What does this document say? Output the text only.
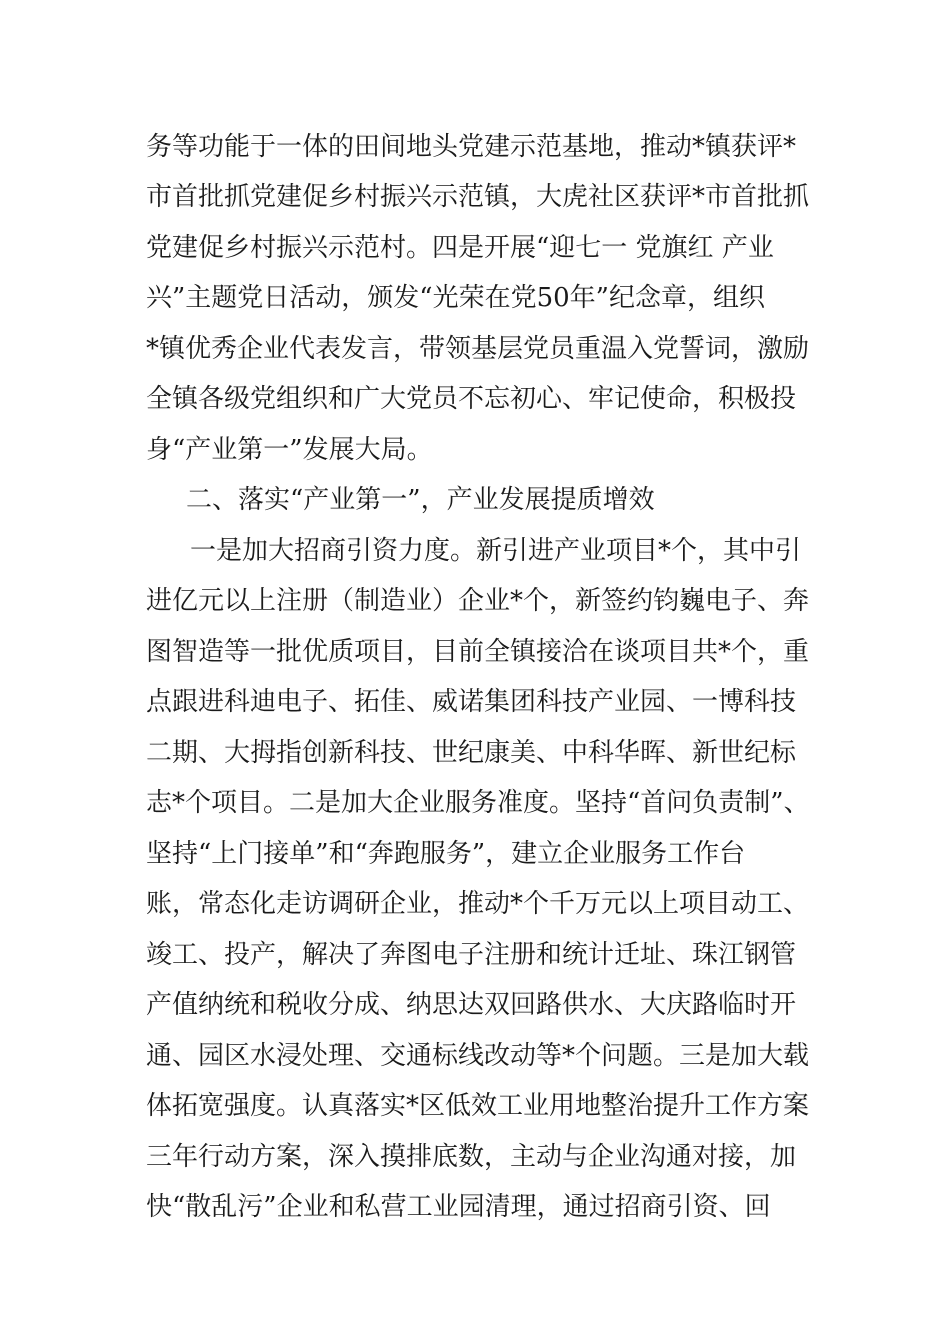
务等功能于一体的田间地头党建示范基地，推动*镇获评*
市首批抓党建促乡村振兴示范镇，大虎社区获评*市首批抓
党建促乡村振兴示范村。四是开展“迎七一 党旗红 产业
兴”主题党日活动，颁发“光荣在党50年”纪念章，组织
*镇优秀企业代表发言，带领基层党员重温入党誓词，激励
全镇各级党组织和广大党员不忘初心、牢记使命，积极投
身“产业第一”发展大局。
二、落实“产业第一”，产业发展提质增效
一是加大招商引资力度。新引进产业项目*个，其中引
进亿元以上注册（制造业）企业*个，新签约钧巍电子、奔
图智造等一批优质项目，目前全镇接洽在谈项目共*个，重
点跟进科迪电子、拓佳、威诺集团科技产业园、一博科技
二期、大拇指创新科技、世纪康美、中科华晖、新世纪标
志*个项目。二是加大企业服务准度。坚持“首问负责制”、
坚持“上门接单”和“奔跑服务”，建立企业服务工作台
账，常态化走访调研企业，推动*个千万元以上项目动工、
竣工、投产，解决了奔图电子注册和统计迁址、珠江钢管
产值纳统和税收分成、纳思达双回路供水、大庆路临时开
通、园区水浸处理、交通标线改动等*个问题。三是加大载
体拓宽强度。认真落实*区低效工业用地整治提升工作方案
三年行动方案，深入摸排底数，主动与企业沟通对接，加
快“散乱污”企业和私营工业园清理，通过招商引资、回
